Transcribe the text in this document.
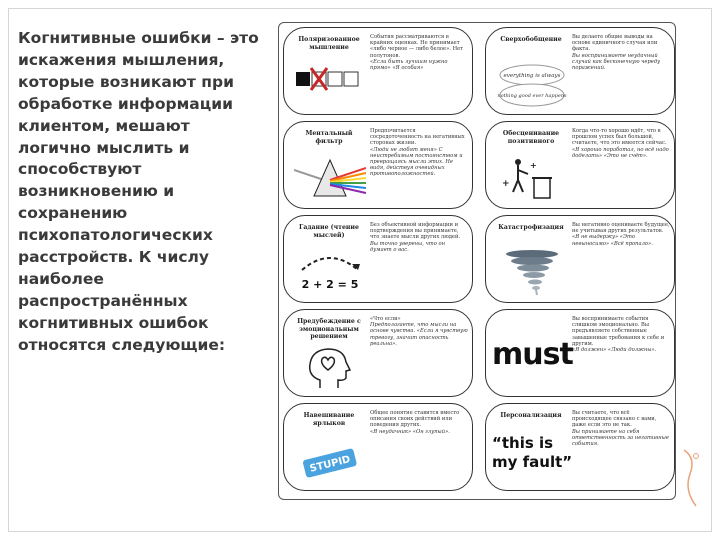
Когнитивные ошибки – это искажения мышления, которые возникают при обработке информации клиентом, мешают логично мыслить и способствуют возникновению и сохранению психопатологических расстройств. К числу наиболее распространённых когнитивных ошибок относятся следующие:
Поляризованное мышление
События рассматриваются в крайних оценках. Не принимает «либо черное — либо белое». Нет полутонов.
«Если быть лучшим нужно прямо» «Я особая»
Сверхобобщение	Вы делаете общие выводы на основе единичного случая или факта.
Вы воспринимаете неудачный случай как бесконечную череду поражений.
everything is always
nothing good ever happens
Ментальный фильтр
Предпочитается сосредоточенность на негативных сторонах жизни.
«Люди не любят меня» С неистребимым постоянством и превращаясь мысли этих. Не видя, действуя очевидных противоположностей.
Обесценивание позитивного
Когда что-то хорошо идёт, что в прошлом успех был большой, считаете, что это имеется сейчас.
«Я хорошо поработал, но всё надо доделать» «Это не счёт».
+
+
Гадание (чтение мыслей)
Без объективной информации и подтверждения вы принимаете, что знаете мысли других людей.
Вы точно уверены, что он думает о вас.
2 + 2 = 5
Катастрофизация	Вы негативно оцениваете будущее, не учитывая других результатов.
«Я не выдержу» «Это невыносимо» «Всё пропало».
Предубеждение с эмоциональным решением
«Что если»
Предполагаете, что мысли на основе чувства. «Если я чувствую тревогу, значит опасность реальна».	must
Вы воспринимаете события слишком эмоционально. Вы предъявляете собственные завышенные требования к себе и другим.
«Я должен» «Люди должны».
Навешивание ярлыков
Общее понятие ставится вместо описания своих действий или поведения других.
«Я неудачник» «Он глупый».
STUPID
Персонализация
“this is my fault”
Вы считаете, что всё происходящее связано с вами, даже если это не так.
Вы принимаете на себя ответственность за негативные события.
